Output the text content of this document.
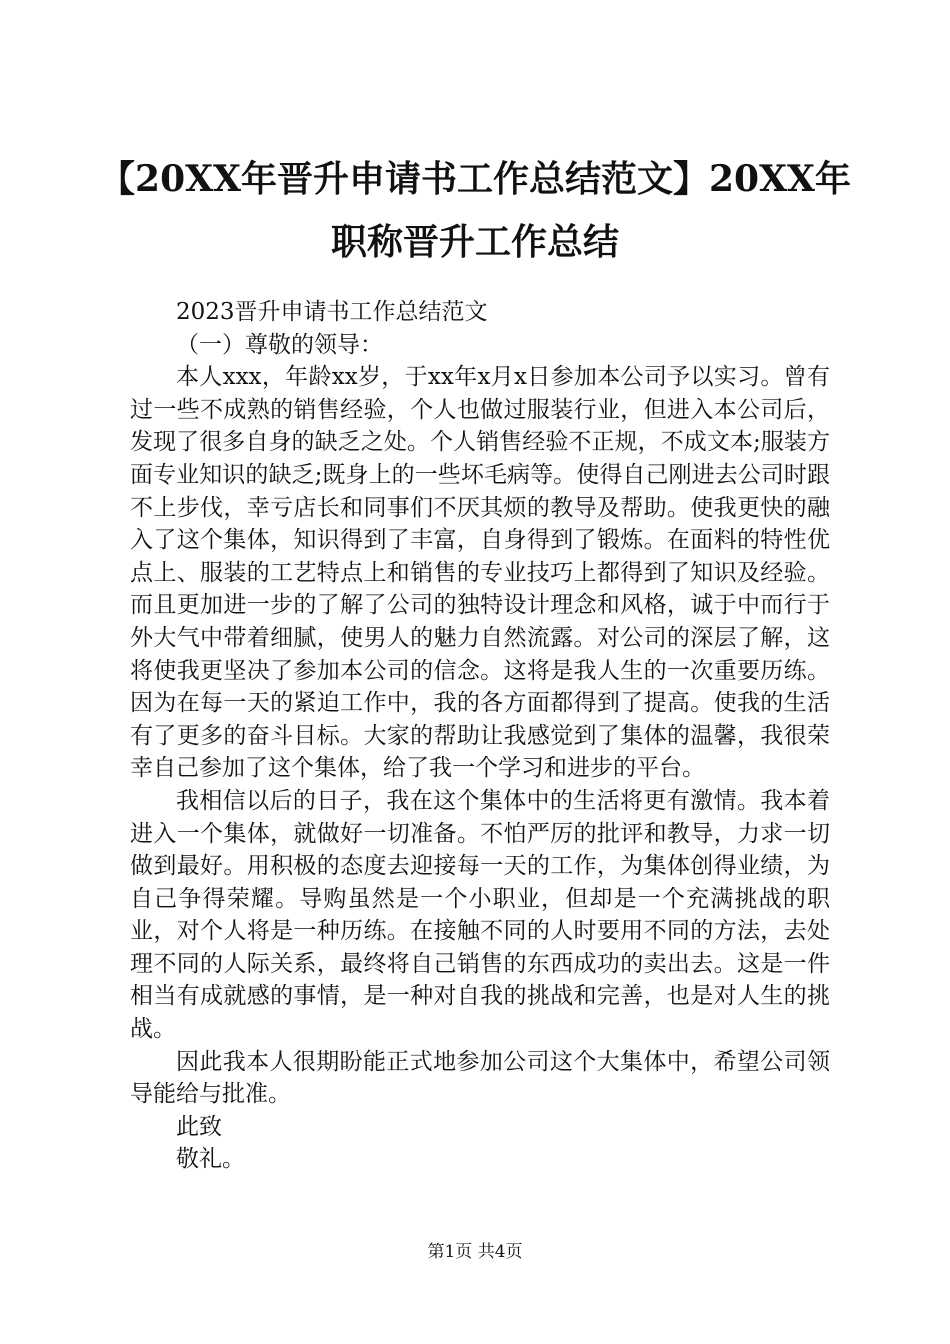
【20XX年晋升申请书工作总结范文】20XX年
职称晋升工作总结

2023晋升申请书工作总结范文

（一）尊敬的领导：

本人xxx，年龄xx岁，于xx年x月x日参加本公司予以实习。曾有过一些不成熟的销售经验，个人也做过服装行业，但进入本公司后，发现了很多自身的缺乏之处。个人销售经验不正规，不成文本;服装方面专业知识的缺乏;既身上的一些坏毛病等。使得自己刚进去公司时跟不上步伐，幸亏店长和同事们不厌其烦的教导及帮助。使我更快的融入了这个集体，知识得到了丰富，自身得到了锻炼。在面料的特性优点上、服装的工艺特点上和销售的专业技巧上都得到了知识及经验。而且更加进一步的了解了公司的独特设计理念和风格，诚于中而行于外大气中带着细腻，使男人的魅力自然流露。对公司的深层了解，这将使我更坚决了参加本公司的信念。这将是我人生的一次重要历练。因为在每一天的紧迫工作中，我的各方面都得到了提高。使我的生活有了更多的奋斗目标。大家的帮助让我感觉到了集体的温馨，我很荣幸自己参加了这个集体，给了我一个学习和进步的平台。

我相信以后的日子，我在这个集体中的生活将更有激情。我本着进入一个集体，就做好一切准备。不怕严厉的批评和教导，力求一切做到最好。用积极的态度去迎接每一天的工作，为集体创得业绩，为自己争得荣耀。导购虽然是一个小职业，但却是一个充满挑战的职业，对个人将是一种历练。在接触不同的人时要用不同的方法，去处理不同的人际关系，最终将自己销售的东西成功的卖出去。这是一件相当有成就感的事情，是一种对自我的挑战和完善，也是对人生的挑战。

因此我本人很期盼能正式地参加公司这个大集体中，希望公司领导能给与批准。

此致

敬礼。

第1页 共4页
